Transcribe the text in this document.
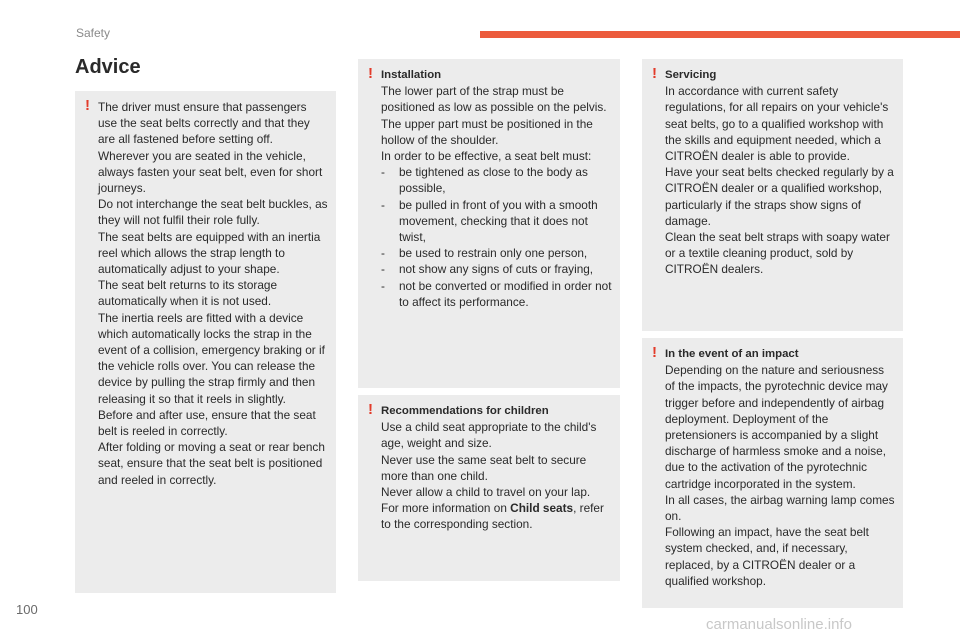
Safety
Advice
! The driver must ensure that passengers use the seat belts correctly and that they are all fastened before setting off.

Wherever you are seated in the vehicle, always fasten your seat belt, even for short journeys.

Do not interchange the seat belt buckles, as they will not fulfil their role fully.

The seat belts are equipped with an inertia reel which allows the strap length to automatically adjust to your shape.

The seat belt returns to its storage automatically when it is not used.

The inertia reels are fitted with a device which automatically locks the strap in the event of a collision, emergency braking or if the vehicle rolls over. You can release the device by pulling the strap firmly and then releasing it so that it reels in slightly.

Before and after use, ensure that the seat belt is reeled in correctly.

After folding or moving a seat or rear bench seat, ensure that the seat belt is positioned and reeled in correctly.

! Installation

The lower part of the strap must be positioned as low as possible on the pelvis.

The upper part must be positioned in the hollow of the shoulder.

In order to be effective, a seat belt must:

- be tightened as close to the body as possible,
- be pulled in front of you with a smooth movement, checking that it does not twist,
- be used to restrain only one person,
- not show any signs of cuts or fraying,
- not be converted or modified in order not to affect its performance.
! Recommendations for children

Use a child seat appropriate to the child's age, weight and size.

Never use the same seat belt to secure more than one child.

Never allow a child to travel on your lap.

For more information on Child seats, refer to the corresponding section.

! Servicing

In accordance with current safety regulations, for all repairs on your vehicle's seat belts, go to a qualified workshop with the skills and equipment needed, which a CITROËN dealer is able to provide.

Have your seat belts checked regularly by a CITROËN dealer or a qualified workshop, particularly if the straps show signs of damage.

Clean the seat belt straps with soapy water or a textile cleaning product, sold by CITROËN dealers.

! In the event of an impact

Depending on the nature and seriousness of the impacts, the pyrotechnic device may trigger before and independently of airbag deployment. Deployment of the pretensioners is accompanied by a slight discharge of harmless smoke and a noise, due to the activation of the pyrotechnic cartridge incorporated in the system.

In all cases, the airbag warning lamp comes on.

Following an impact, have the seat belt system checked, and, if necessary, replaced, by a CITROËN dealer or a qualified workshop.

100
carmanualsonline.info
